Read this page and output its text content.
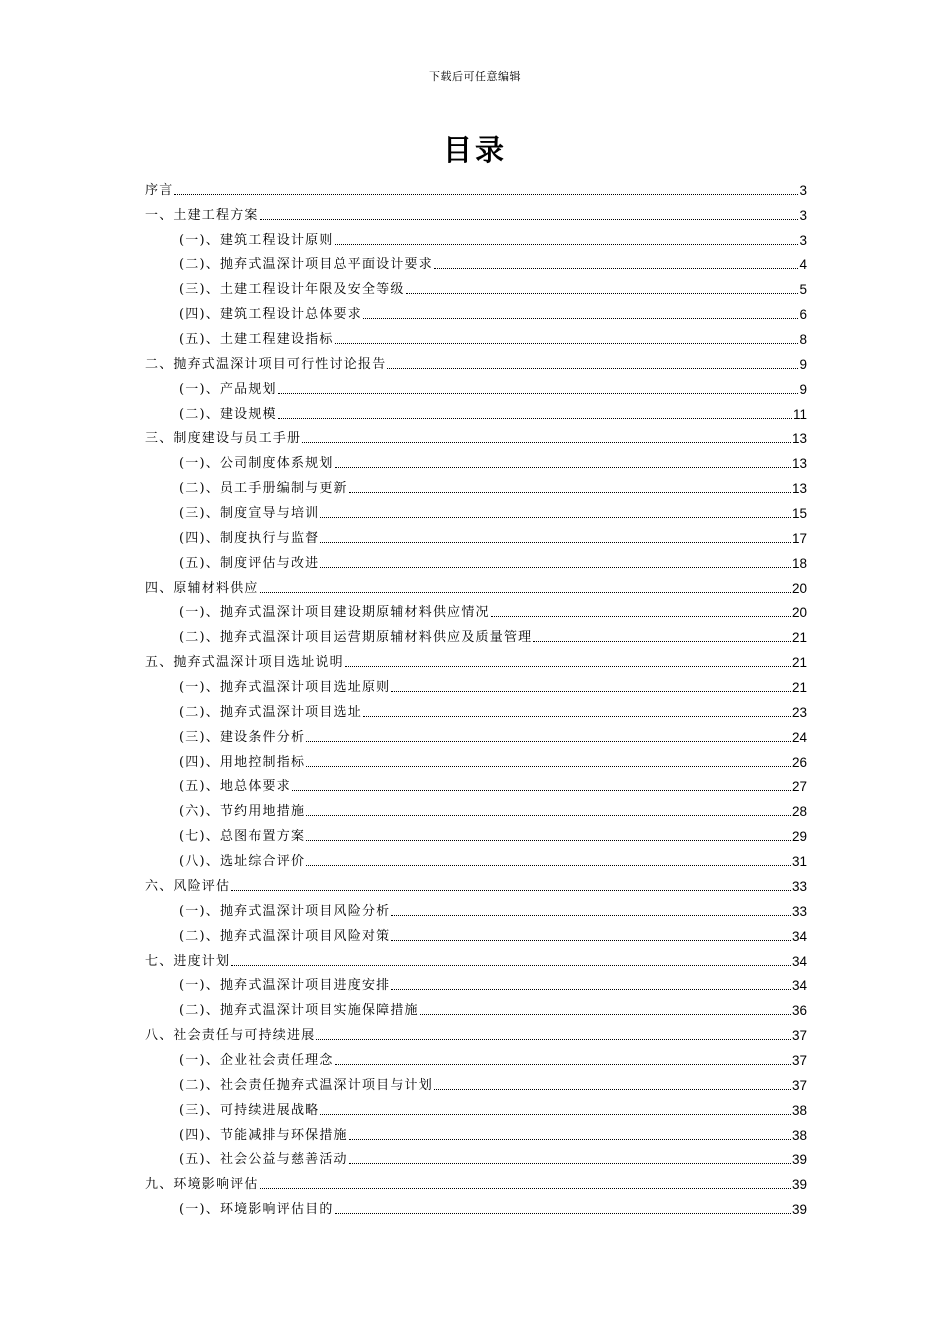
下载后可任意编辑
目录
序言	3
一、土建工程方案	3
(一)、建筑工程设计原则	3
(二)、抛弃式温深计项目总平面设计要求	4
(三)、土建工程设计年限及安全等级	5
(四)、建筑工程设计总体要求	6
(五)、土建工程建设指标	8
二、抛弃式温深计项目可行性讨论报告	9
(一)、产品规划	9
(二)、建设规模	11
三、制度建设与员工手册	13
(一)、公司制度体系规划	13
(二)、员工手册编制与更新	13
(三)、制度宣导与培训	15
(四)、制度执行与监督	17
(五)、制度评估与改进	18
四、原辅材料供应	20
(一)、抛弃式温深计项目建设期原辅材料供应情况	20
(二)、抛弃式温深计项目运营期原辅材料供应及质量管理	21
五、抛弃式温深计项目选址说明	21
(一)、抛弃式温深计项目选址原则	21
(二)、抛弃式温深计项目选址	23
(三)、建设条件分析	24
(四)、用地控制指标	26
(五)、地总体要求	27
(六)、节约用地措施	28
(七)、总图布置方案	29
(八)、选址综合评价	31
六、风险评估	33
(一)、抛弃式温深计项目风险分析	33
(二)、抛弃式温深计项目风险对策	34
七、进度计划	34
(一)、抛弃式温深计项目进度安排	34
(二)、抛弃式温深计项目实施保障措施	36
八、社会责任与可持续进展	37
(一)、企业社会责任理念	37
(二)、社会责任抛弃式温深计项目与计划	37
(三)、可持续进展战略	38
(四)、节能减排与环保措施	38
(五)、社会公益与慈善活动	39
九、环境影响评估	39
(一)、环境影响评估目的	39
